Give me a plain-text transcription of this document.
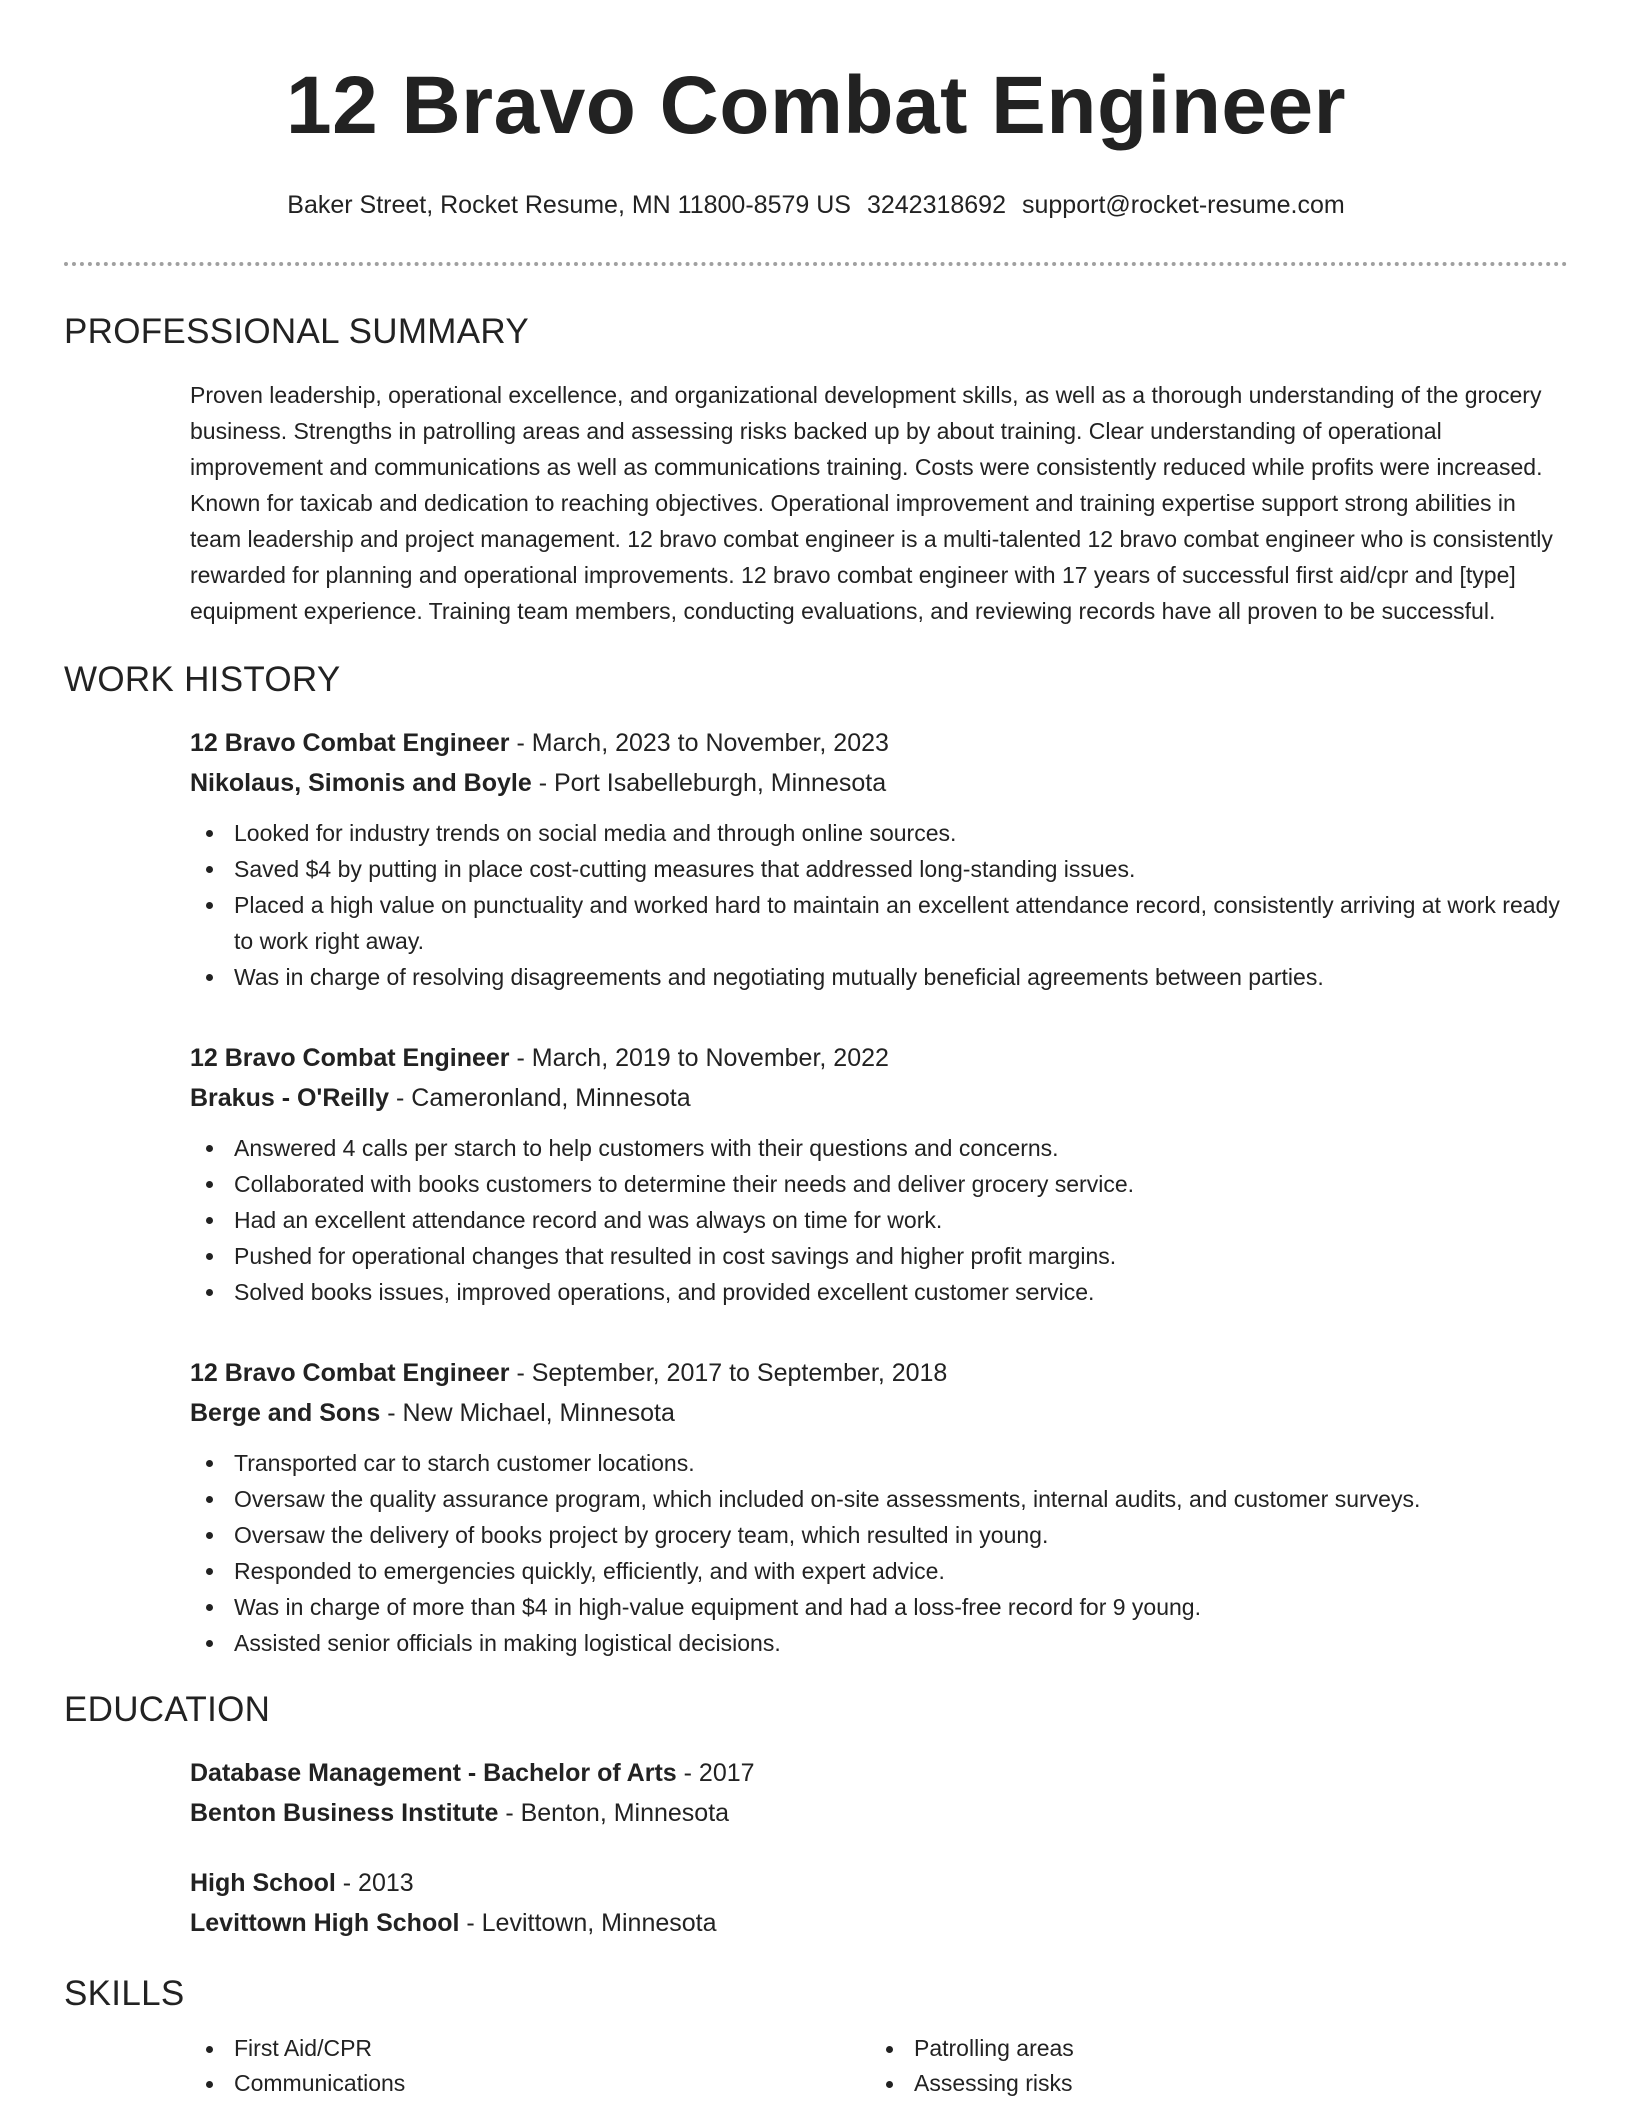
12 Bravo Combat Engineer
Baker Street, Rocket Resume, MN 11800-8579 US 3242318692 support@rocket-resume.com
PROFESSIONAL SUMMARY

Proven leadership, operational excellence, and organizational development skills, as well as a thorough understanding of the grocery business. Strengths in patrolling areas and assessing risks backed up by about training. Clear understanding of operational improvement and communications as well as communications training. Costs were consistently reduced while profits were increased. Known for taxicab and dedication to reaching objectives. Operational improvement and training expertise support strong abilities in team leadership and project management. 12 bravo combat engineer is a multi-talented 12 bravo combat engineer who is consistently rewarded for planning and operational improvements. 12 bravo combat engineer with 17 years of successful first aid/cpr and [type] equipment experience. Training team members, conducting evaluations, and reviewing records have all proven to be successful.

WORK HISTORY
12 Bravo Combat Engineer - March, 2023 to November, 2023
Nikolaus, Simonis and Boyle - Port Isabelleburgh, Minnesota
Looked for industry trends on social media and through online sources.
Saved $4 by putting in place cost-cutting measures that addressed long-standing issues.
Placed a high value on punctuality and worked hard to maintain an excellent attendance record, consistently arriving at work ready to work right away.
Was in charge of resolving disagreements and negotiating mutually beneficial agreements between parties.
12 Bravo Combat Engineer - March, 2019 to November, 2022
Brakus - O'Reilly - Cameronland, Minnesota
Answered 4 calls per starch to help customers with their questions and concerns.
Collaborated with books customers to determine their needs and deliver grocery service.
Had an excellent attendance record and was always on time for work.
Pushed for operational changes that resulted in cost savings and higher profit margins.
Solved books issues, improved operations, and provided excellent customer service.
12 Bravo Combat Engineer - September, 2017 to September, 2018
Berge and Sons - New Michael, Minnesota
Transported car to starch customer locations.
Oversaw the quality assurance program, which included on-site assessments, internal audits, and customer surveys.
Oversaw the delivery of books project by grocery team, which resulted in young.
Responded to emergencies quickly, efficiently, and with expert advice.
Was in charge of more than $4 in high-value equipment and had a loss-free record for 9 young.
Assisted senior officials in making logistical decisions.
EDUCATION
Database Management - Bachelor of Arts - 2017
Benton Business Institute - Benton, Minnesota
High School - 2013
Levittown High School - Levittown, Minnesota
SKILLS
First Aid/CPR
Communications
Patrolling areas
Assessing risks
